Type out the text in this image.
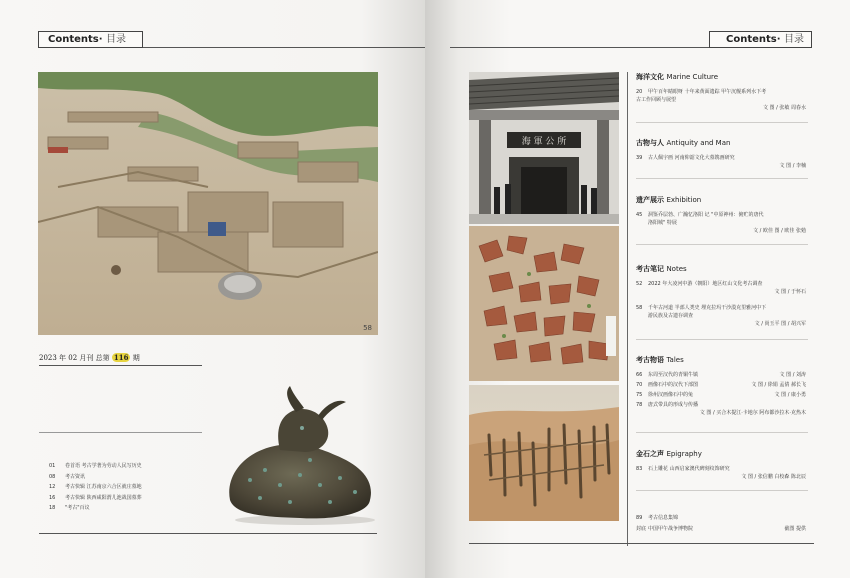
Contents· 目录
58
2023 年 02 月刊 总第 116 期
01 卷首语 考古学著为劳动人民写历史
08 考古资讯
12 考古快辑 江苏南京六合区就庄墓地
16 考古快辑 陕西咸阳渭儿池战国墓葬
18 "考古"百议
Contents· 目录
海 軍 公 所
海洋文化 Marine Culture
20 甲午百年睛眼呀 十年来黄面遗踪 甲午沉舰系列水下考
古工作回顾与展望
文 图 / 张敏 周春水
古物与人 Antiquity and Man
39 古人佩宇画 河南仰韶文化大墓镌画研究
文 图 / 李楠
遗产展示 Exhibition
45 洞鉴乔层勃、广瀚忆洛阳 记 "中原神州：俯贮的唐代
洛阳城" 特展
文 / 欧佳 图 / 欧佳 张勉
考古笔记 Notes
52 2022 年大凌河中游（朝阳）地区红山文化考古调查
文 图 / 于怀石
58 千年古河道 半部人类史 埋克拉玛干沙漠克里雅河中下
游民族及古遗存调查
文 / 尚玉平 图 / 胡兴军
考古物语 Tales
66 东周至汉代的青铜牛镇	文 图 / 刘涛
70 画像石中的汉代下部图	文 图 / 徐娟 孟倩 郝长飞
75 徐州汉画像石中的兔	文 图 / 康小勇
78 唐式带具的形成与传播
文 图 / 买合木提江·卡地尔 阿布都沙拉木·克热木
金石之声 Epigraphy
83 石上雕花 山西启家澳代碑刻纹饰研究
文 图 / 张信鹏 白校森 陈北辰
89 考古信息集锦
封底 中国甲午战争博物院	截图 提供
